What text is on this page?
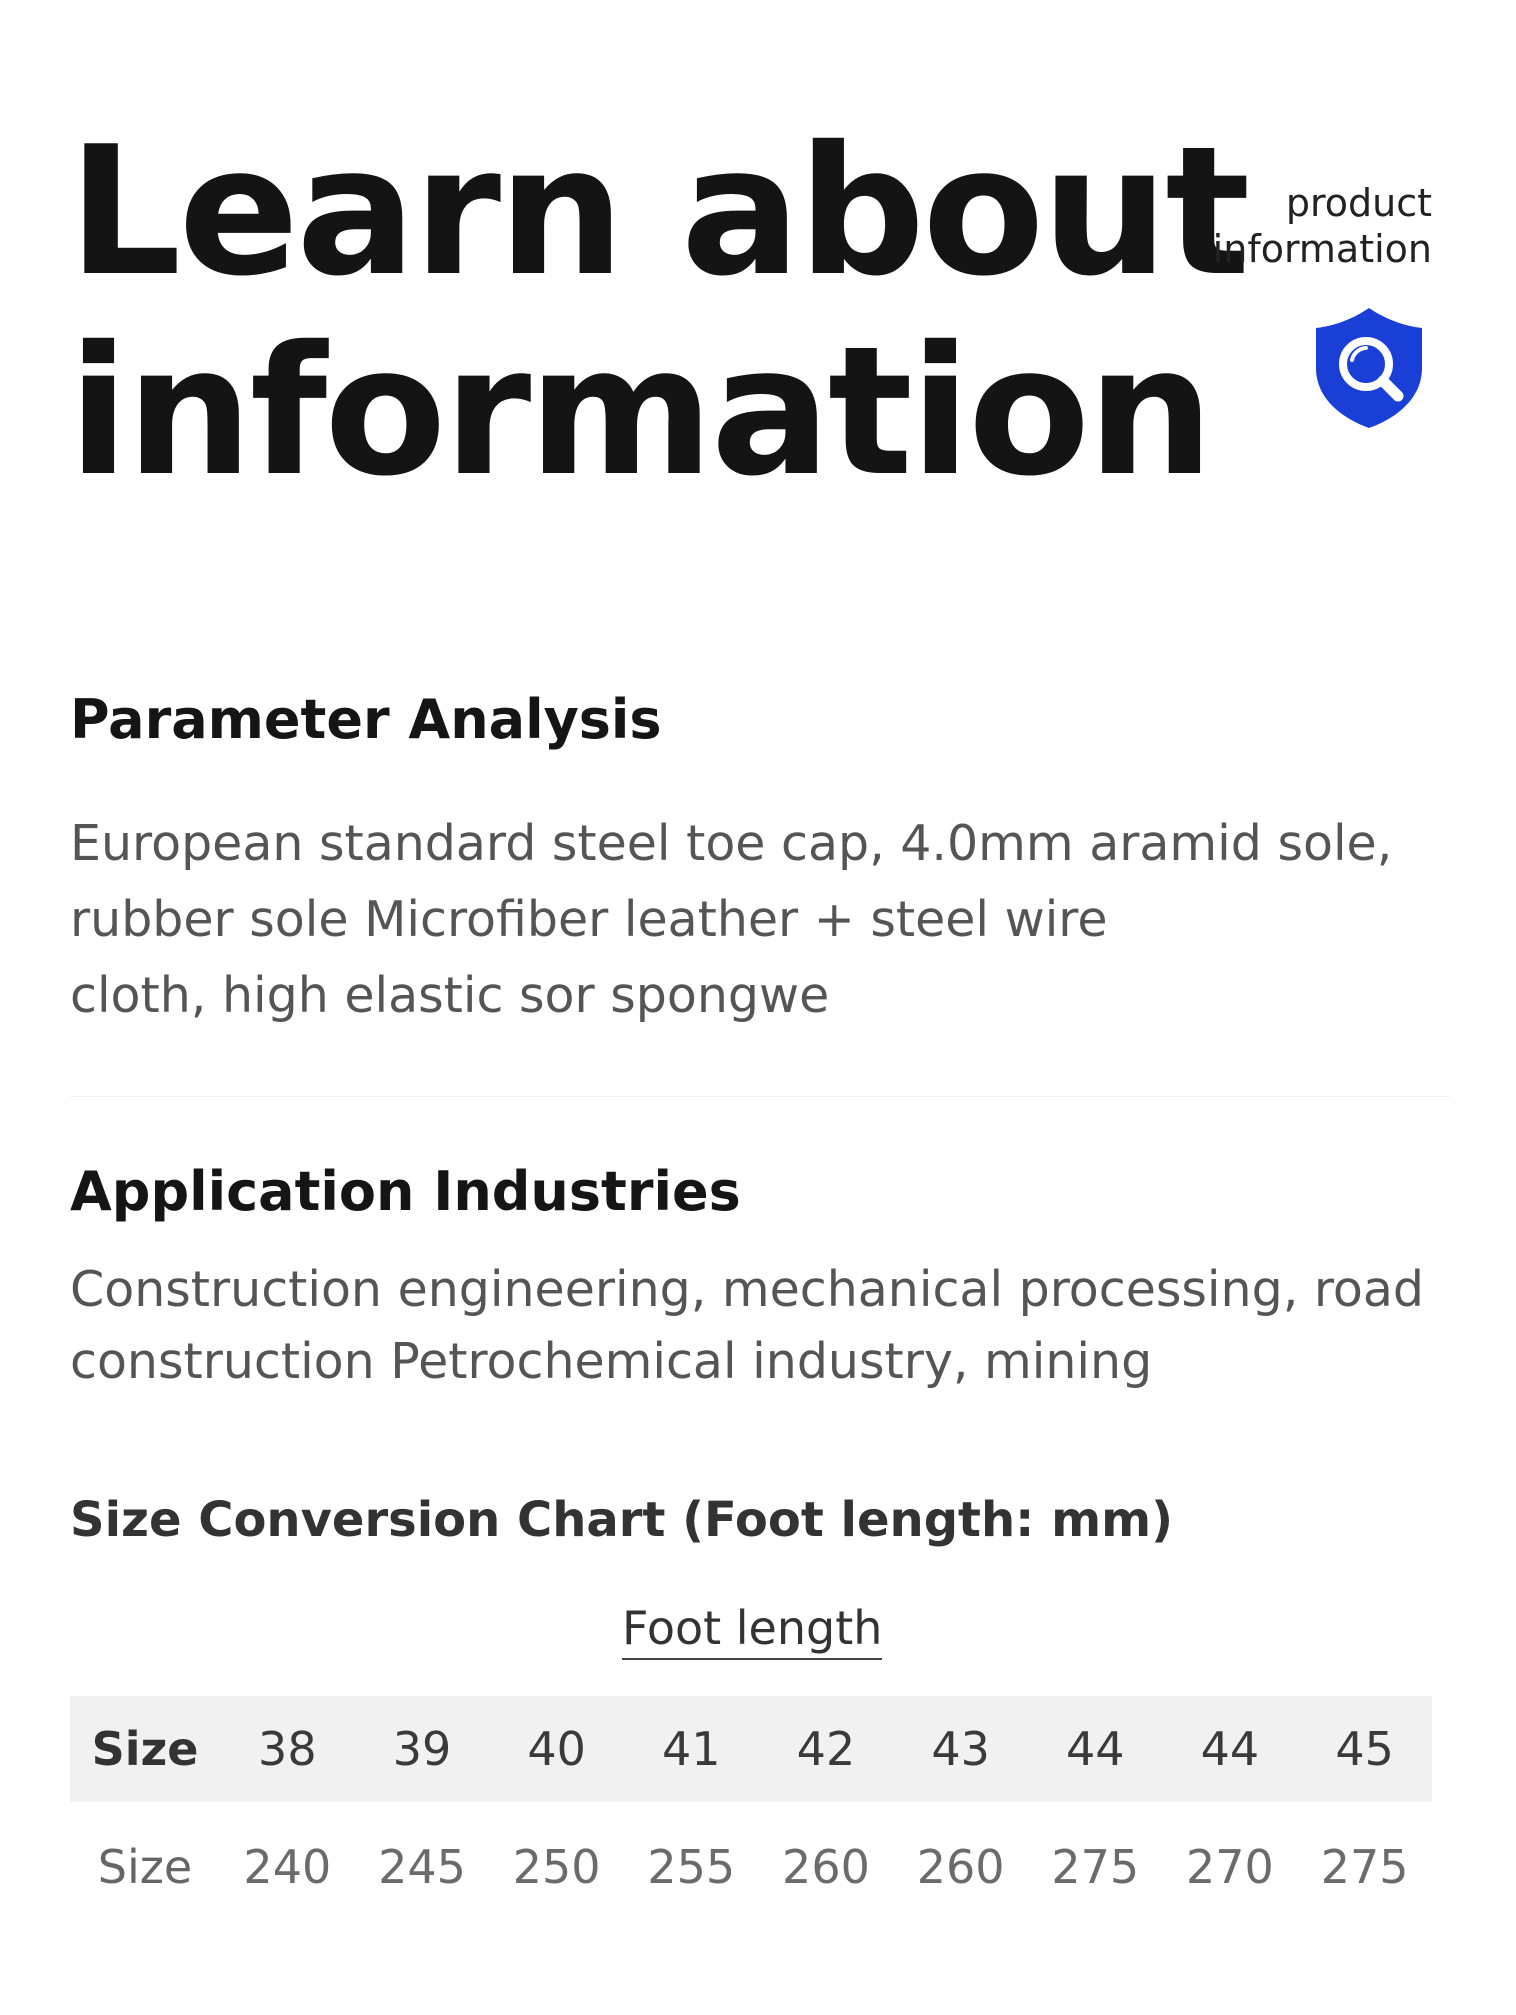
Learn about
information
product
information
Parameter Analysis
European standard steel toe cap, 4.0mm aramid sole,
rubber sole Microfiber leather + steel wire
cloth, high elastic sor spongwe
Application Industries
Construction engineering, mechanical processing, road
construction Petrochemical industry, mining
Size Conversion Chart (Foot length: mm)
Foot length
Size	38	39	40	41	42	43	44	44	45
Size	240	245	250	255	260	260	275	270	275
